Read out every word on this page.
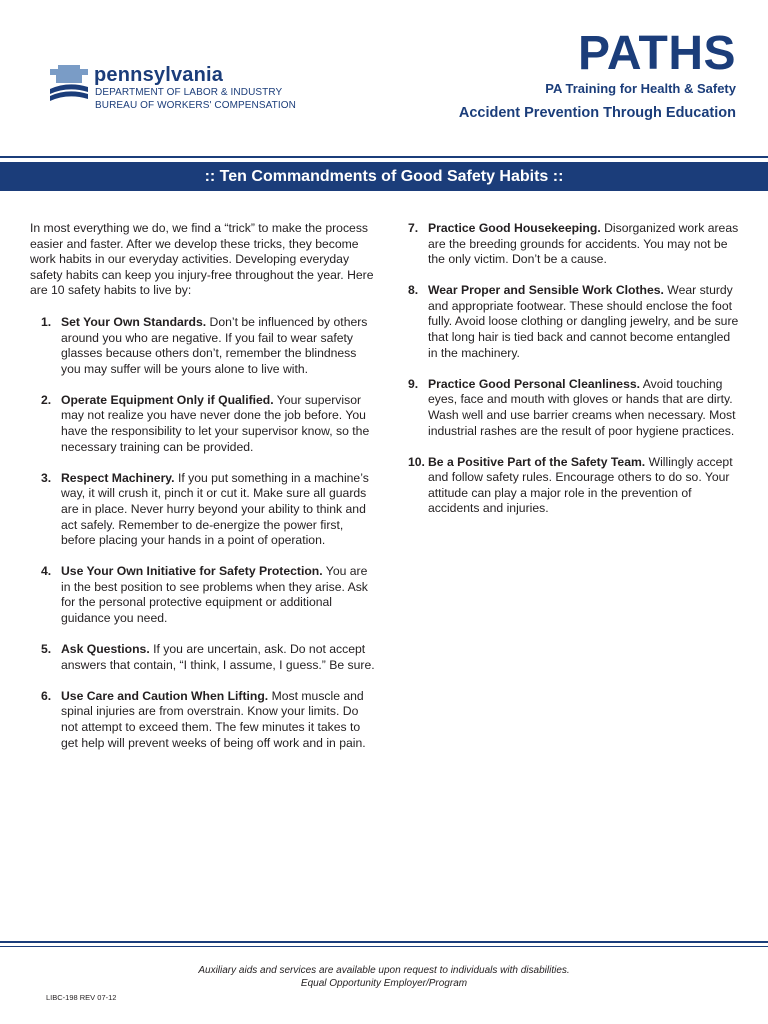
pennsylvania
DEPARTMENT OF LABOR & INDUSTRY
BUREAU OF WORKERS' COMPENSATION
PATHS
PA Training for Health & Safety
Accident Prevention Through Education
:: Ten Commandments of Good Safety Habits ::

In most everything we do, we find a “trick” to make the process easier and faster. After we develop these tricks, they become work habits in our everyday activities. Developing everyday safety habits can keep you injury-free throughout the year. Here are 10 safety habits to live by:

1. Set Your Own Standards. Don’t be influenced by others around you who are negative. If you fail to wear safety glasses because others don’t, remember the blindness you may suffer will be yours alone to live with.
2. Operate Equipment Only if Qualified. Your supervisor may not realize you have never done the job before. You have the responsibility to let your supervisor know, so the necessary training can be provided.
3. Respect Machinery. If you put something in a machine’s way, it will crush it, pinch it or cut it. Make sure all guards are in place. Never hurry beyond your ability to think and act safely. Remember to de-energize the power first, before placing your hands in a point of operation.
4. Use Your Own Initiative for Safety Protection. You are in the best position to see problems when they arise. Ask for the personal protective equipment or additional guidance you need.
5. Ask Questions. If you are uncertain, ask. Do not accept answers that contain, “I think, I assume, I guess.” Be sure.
6. Use Care and Caution When Lifting. Most muscle and spinal injuries are from overstrain. Know your limits. Do not attempt to exceed them. The few minutes it takes to get help will prevent weeks of being off work and in pain.
7. Practice Good Housekeeping. Disorganized work areas are the breeding grounds for accidents. You may not be the only victim. Don’t be a cause.
8. Wear Proper and Sensible Work Clothes. Wear sturdy and appropriate footwear. These should enclose the foot fully. Avoid loose clothing or dangling jewelry, and be sure that long hair is tied back and cannot become entangled in the machinery.
9. Practice Good Personal Cleanliness. Avoid touching eyes, face and mouth with gloves or hands that are dirty. Wash well and use barrier creams when necessary. Most industrial rashes are the result of poor hygiene practices.
10. Be a Positive Part of the Safety Team. Willingly accept and follow safety rules. Encourage others to do so. Your attitude can play a major role in the prevention of accidents and injuries.
Auxiliary aids and services are available upon request to individuals with disabilities.
Equal Opportunity Employer/Program
LIBC-198 REV 07-12
